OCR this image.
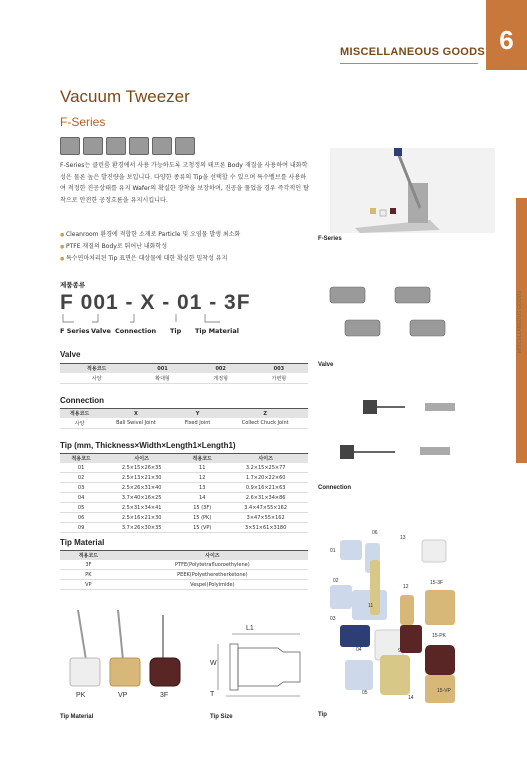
MISCELLANEOUS GOODS 6
MISCELLANEOUS GOODS
Vacuum Tweezer
F-Series
F-Series는 클린룸 환경에서 사용 가능하도록 고청정의 테프론 Body 재질을 사용하여 내화학성은 물론 높은 발진량을 보입니다. 다양한 종류의 Tip을 선택할 수 있으며 특수벨브를 사용하여 적정한 진공상태를 유지 Wafer의 확실한 장착을 보장하며, 진공을 풀었을 경우 즉각적인 탈착으로 안전한 공정흐름을 유지시킵니다.
● Cleanroom 환경에 적합한 소재로 Particle 및 오염물 발생 최소화
● PTFE 재질의 Body로 뛰어난 내화학성
● 특수연마처리된 Tip 표면은 대상물에 대한 확실한 밀착성 유지
제품종류
F 001 - X - 01 - 3F
F Series Valve Connection Tip Tip Material
Valve
적용코드	001	002	003
사양	확대형	개정형	가변형
Connection
적용코드	X	Y	Z
사양	Ball Swivel Joint	Fixed Joint	Collect Chuck Joint
Tip (mm, Thickness×Width×Length1×Length1)
적용코드	사이즈	적용코드	사이즈
01	2.5×15×26×35	11	3.2×15×25×77
02	2.5×13×21×30	12	1.7×20×22×60
03	2.5×26×31×40	13	0.9×16×21×63
04	3.7×40×16×25	14	2.6×31×34×86
05	2.5×31×34×41	15 (3F)	3.4×47×55×162
06	2.5×16×21×30	15 (PK)	3×47×55×162
09	3.7×26×30×35	15 (VP)	3×51×61×3180
Tip Material
적용코드	사이즈
3F	PTFE(Polytetrafluoroethylene)
PK	PEEK(Polyetheretherketone)
VP	Vespel(Polyimide)
PK	VP	3F
Tip Material
L1
W
T
Tip Size
F-Series
Valve
Connection
06
13
01
02
12
15-3F
11
03
15-PK
04	9
05
14
15-VP
Tip
